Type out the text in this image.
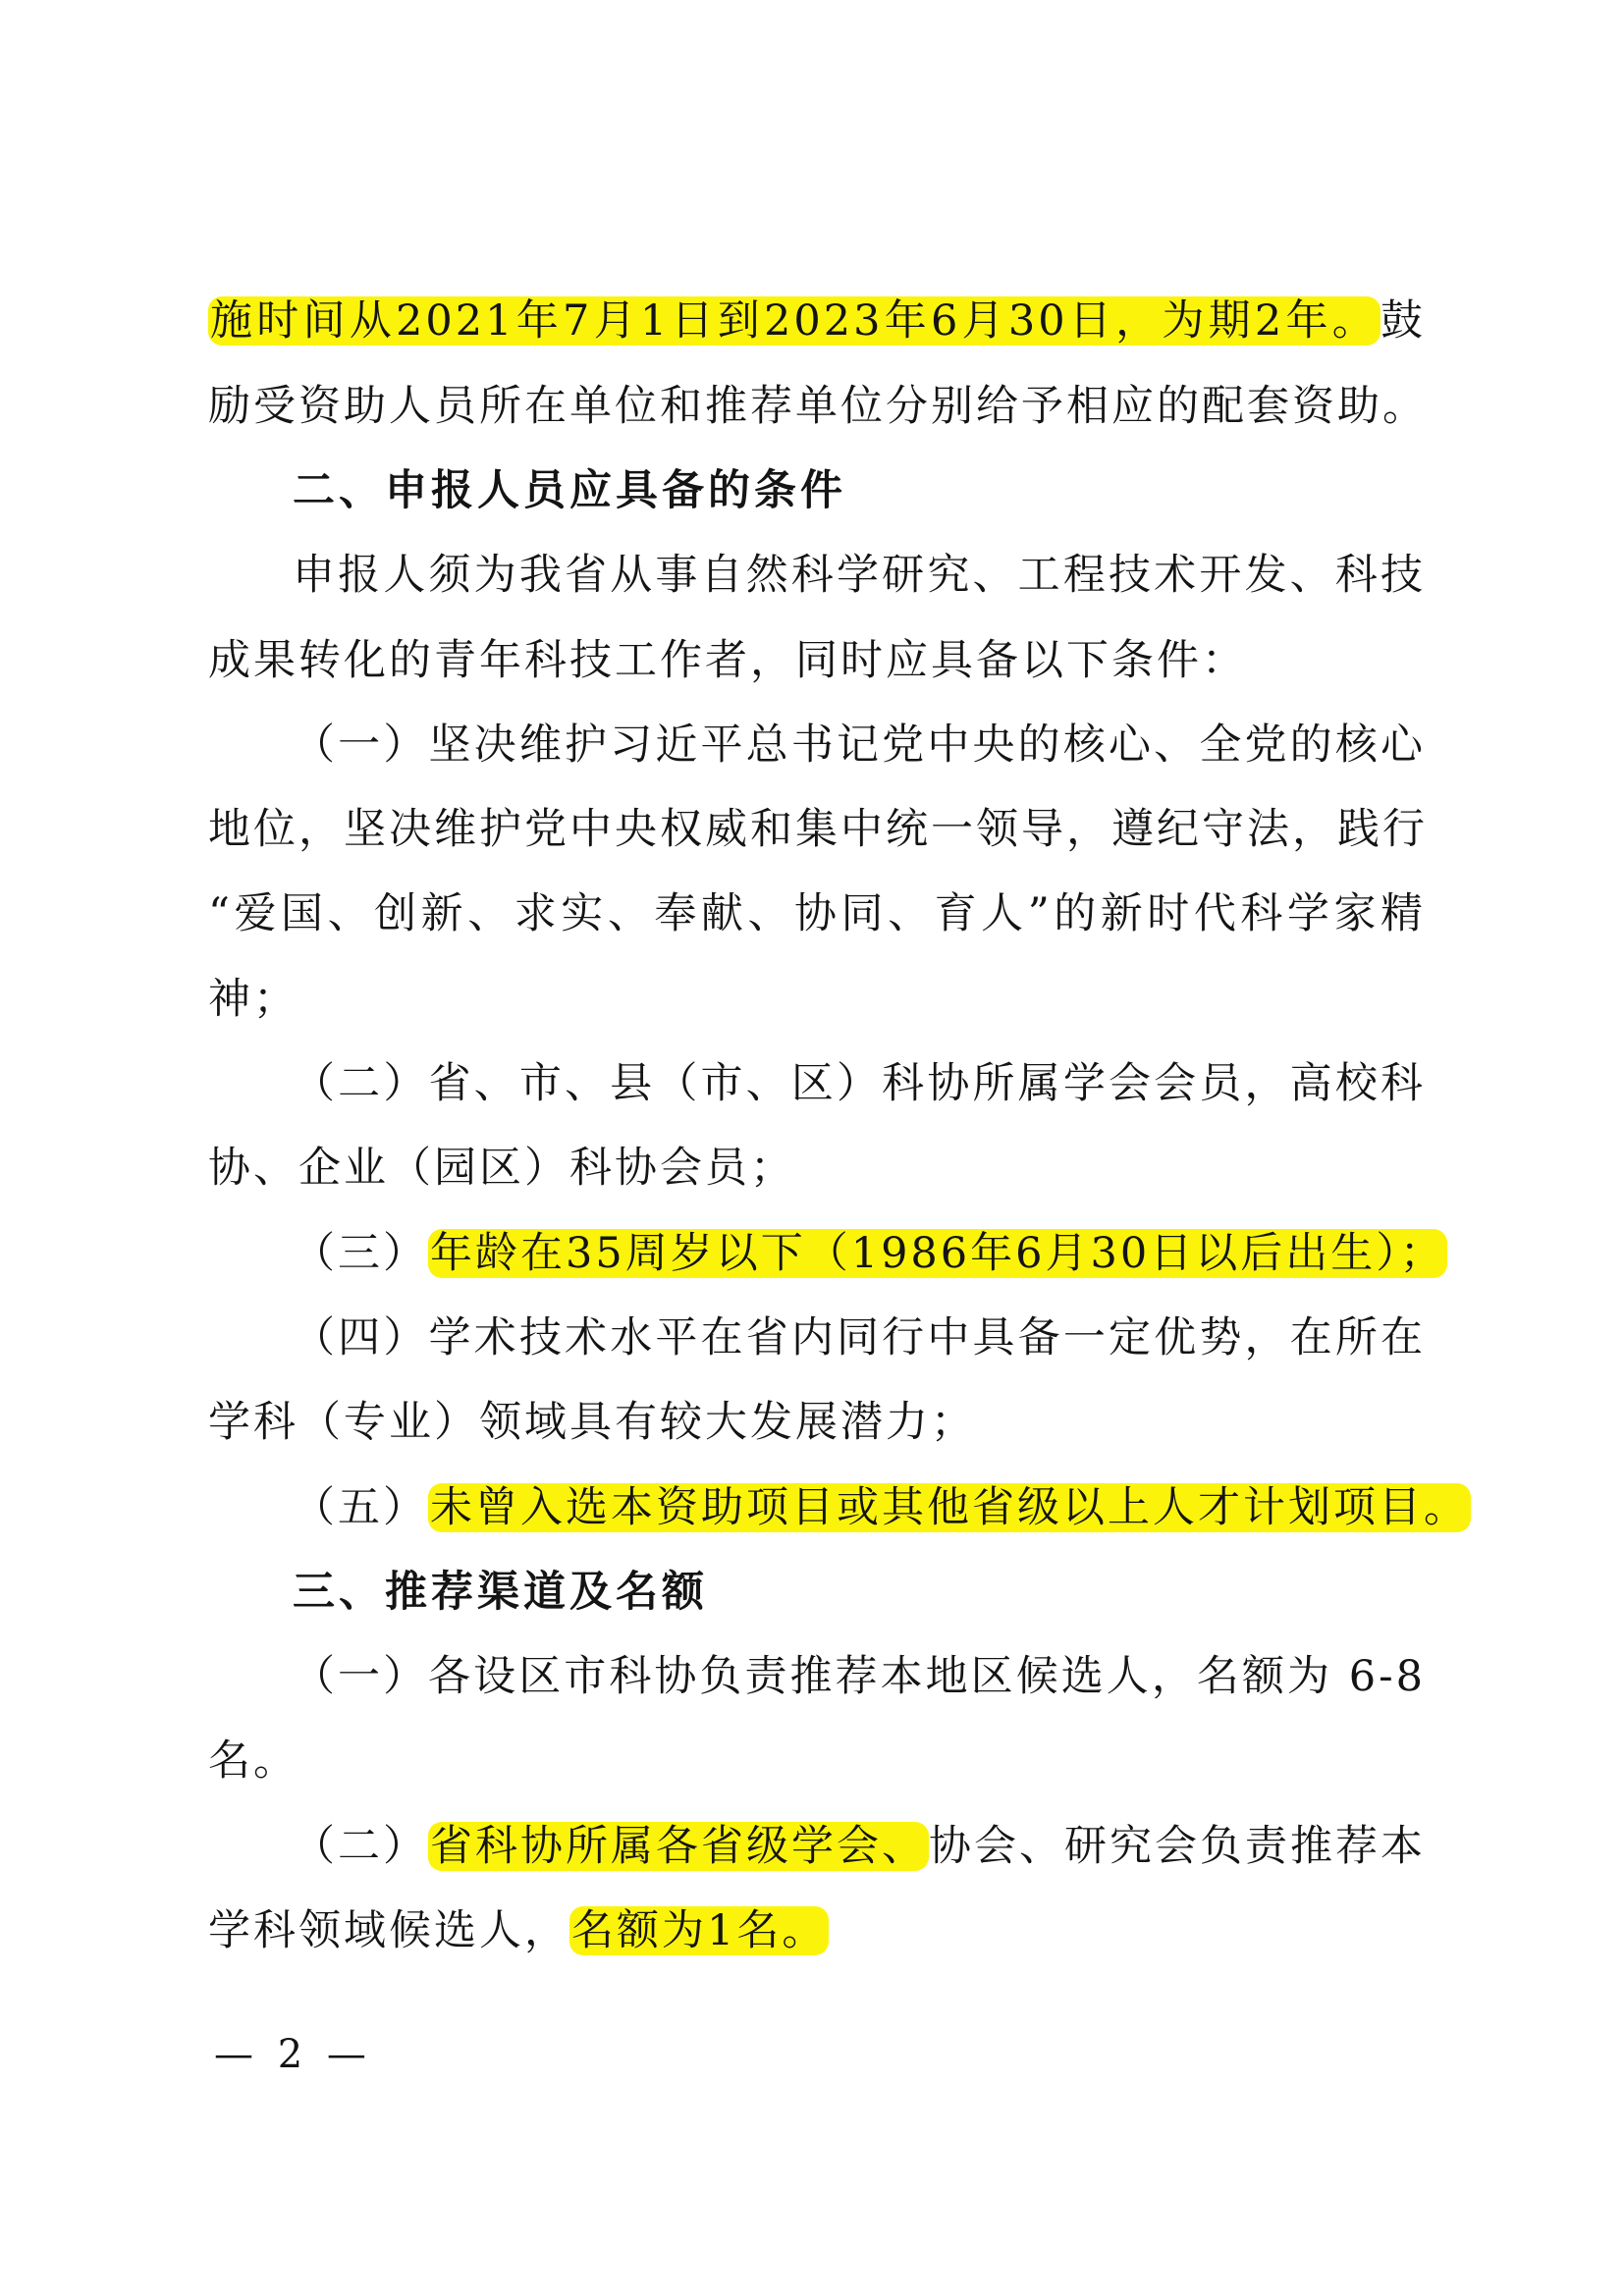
施时间从2021年7月1日到2023年6月30日，为期2年。鼓
励受资助人员所在单位和推荐单位分别给予相应的配套资助。
二、申报人员应具备的条件
申报人须为我省从事自然科学研究、工程技术开发、科技
成果转化的青年科技工作者，同时应具备以下条件：
（一）坚决维护习近平总书记党中央的核心、全党的核心
地位，坚决维护党中央权威和集中统一领导，遵纪守法，践行
“爱国、创新、求实、奉献、协同、育人”的新时代科学家精
神；
（二）省、市、县（市、区）科协所属学会会员，高校科
协、企业（园区）科协会员；
（三）年龄在35周岁以下（1986年6月30日以后出生）；
（四）学术技术水平在省内同行中具备一定优势，在所在
学科（专业）领域具有较大发展潜力；
（五）未曾入选本资助项目或其他省级以上人才计划项目。
三、推荐渠道及名额
（一）各设区市科协负责推荐本地区候选人，名额为 6-8
名。
（二）省科协所属各省级学会、协会、研究会负责推荐本
学科领域候选人，名额为1名。
— 2 —
